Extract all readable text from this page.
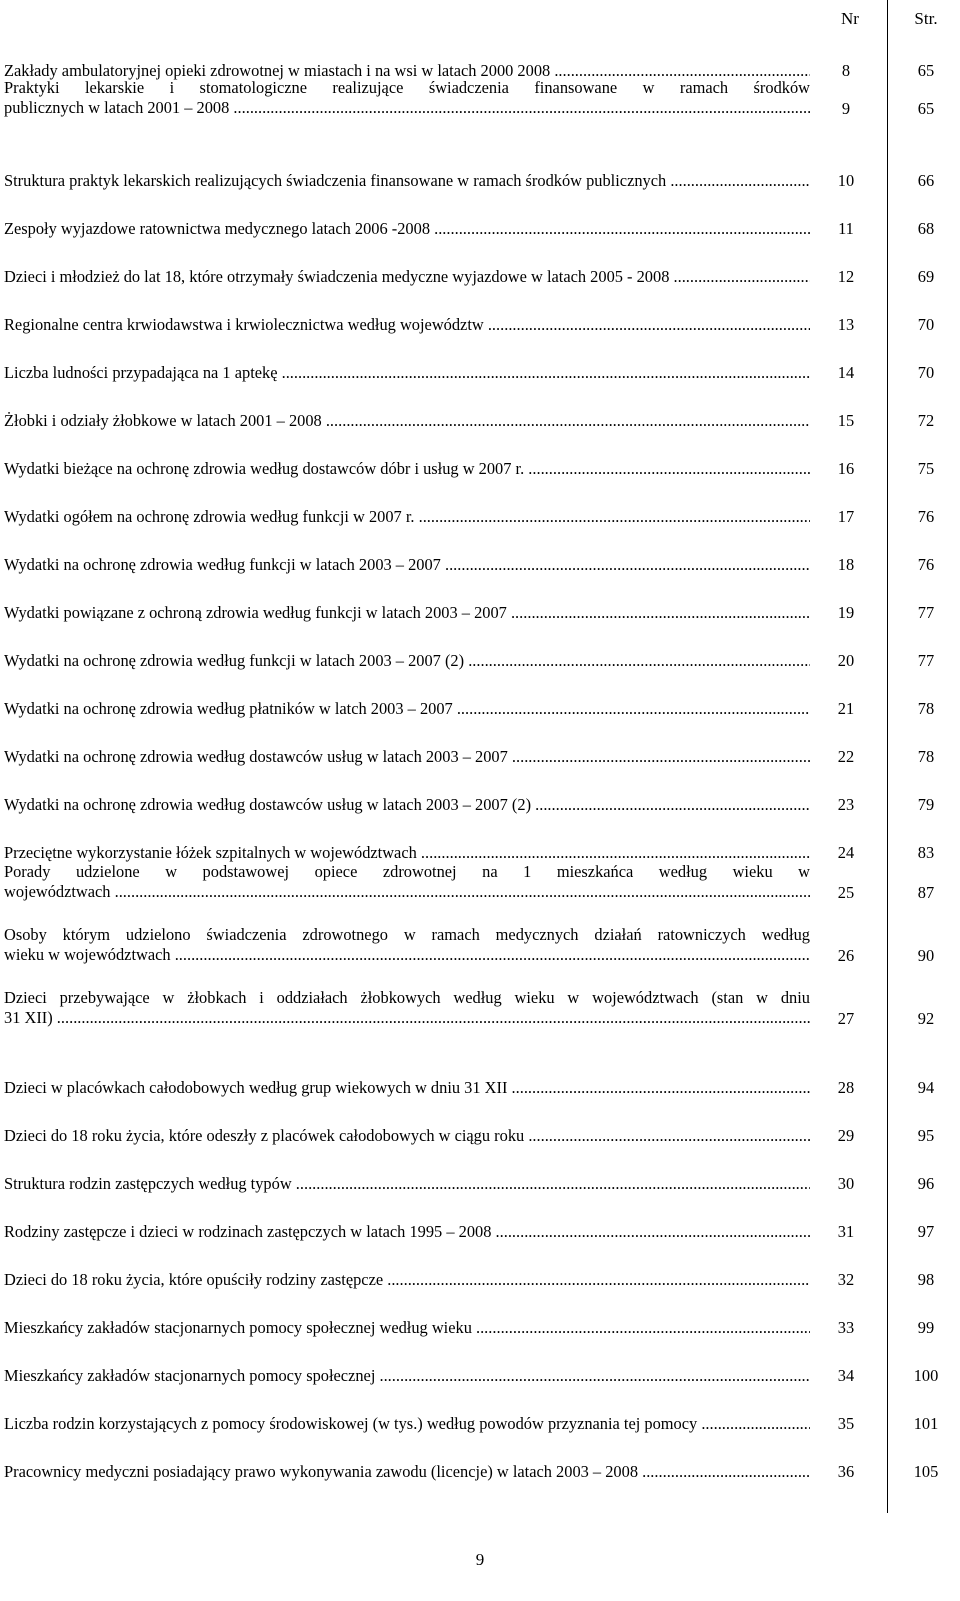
Nr	Str.
Zakłady ambulatoryjnej opieki zdrowotnej w miastach i na wsi w latach 2000 2008 .....	8	65
Praktyki lekarskie i stomatologiczne realizujące świadczenia finansowane w ramach środków
publicznych w latach 2001 – 2008 .....	9	65
Struktura praktyk lekarskich realizujących świadczenia finansowane w ramach środków publicznych .....	10	66
Zespoły wyjazdowe ratownictwa medycznego latach 2006 -2008 .....	11	68
Dzieci i młodzież do lat 18, które otrzymały świadczenia medyczne wyjazdowe w latach 2005 - 2008 .....	12	69
Regionalne centra krwiodawstwa i krwiolecznictwa według województw .....	13	70
Liczba ludności przypadająca na 1 aptekę .....	14	70
Żłobki i odziały żłobkowe w latach 2001 – 2008 .....	15	72
Wydatki bieżące na ochronę zdrowia według dostawców dóbr i usług w 2007 r. .....	16	75
Wydatki ogółem na ochronę zdrowia według funkcji w 2007 r. .....	17	76
Wydatki na ochronę zdrowia według funkcji w latach 2003 – 2007 .....	18	76
Wydatki powiązane z ochroną zdrowia według funkcji w latach 2003 – 2007 .....	19	77
Wydatki na ochronę zdrowia według funkcji w latach 2003 – 2007 (2) .....	20	77
Wydatki na ochronę zdrowia według płatników w latch 2003 – 2007 .....	21	78
Wydatki na ochronę zdrowia według dostawców usług w latach 2003 – 2007 .....	22	78
Wydatki na ochronę zdrowia według dostawców usług w latach 2003 – 2007 (2) .....	23	79
Przeciętne wykorzystanie łóżek szpitalnych w województwach .....	24	83
Porady udzielone w podstawowej opiece zdrowotnej na 1 mieszkańca według wieku w
województwach .....	25	87
Osoby którym udzielono świadczenia zdrowotnego w ramach medycznych działań ratowniczych według
wieku w województwach .....	26	90
Dzieci przebywające w żłobkach i oddziałach żłobkowych według wieku w województwach (stan w dniu
31 XII) .....	27	92
Dzieci w placówkach całodobowych według grup wiekowych w dniu 31 XII .....	28	94
Dzieci do 18 roku życia, które odeszły z placówek całodobowych w ciągu roku .....	29	95
Struktura rodzin zastępczych według typów .....	30	96
Rodziny zastępcze i dzieci w rodzinach zastępczych w latach 1995 – 2008 .....	31	97
Dzieci do 18 roku życia, które opuściły rodziny zastępcze .....	32	98
Mieszkańcy zakładów stacjonarnych pomocy społecznej według wieku .....	33	99
Mieszkańcy zakładów stacjonarnych pomocy społecznej .....	34	100
Liczba rodzin korzystających z pomocy środowiskowej (w tys.) według powodów przyznania tej pomocy .....	35	101
Pracownicy medyczni posiadający prawo wykonywania zawodu (licencje) w latach 2003 – 2008 .....	36	105
9
